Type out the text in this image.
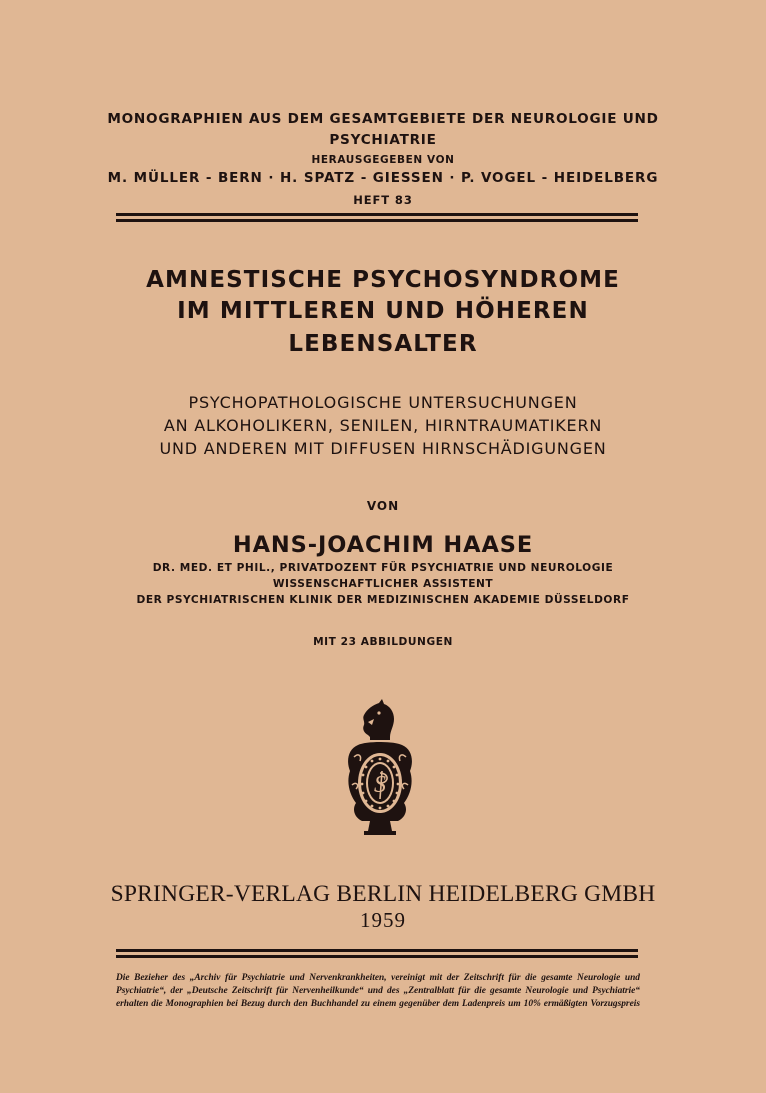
MONOGRAPHIEN AUS DEM GESAMTGEBIETE DER NEUROLOGIE UND
PSYCHIATRIE
HERAUSGEGEBEN VON
M. MÜLLER - BERN · H. SPATZ - GIESSEN · P. VOGEL - HEIDELBERG
HEFT 83
AMNESTISCHE PSYCHOSYNDROME
IM MITTLEREN UND HÖHEREN
LEBENSALTER
PSYCHOPATHOLOGISCHE UNTERSUCHUNGEN
AN ALKOHOLIKERN, SENILEN, HIRNTRAUMATIKERN
UND ANDEREN MIT DIFFUSEN HIRNSCHÄDIGUNGEN
VON
HANS-JOACHIM HAASE
DR. MED. ET PHIL., PRIVATDOZENT FÜR PSYCHIATRIE UND NEUROLOGIE
WISSENSCHAFTLICHER ASSISTENT
DER PSYCHIATRISCHEN KLINIK DER MEDIZINISCHEN AKADEMIE DÜSSELDORF
MIT 23 ABBILDUNGEN
S
SPRINGER-VERLAG BERLIN HEIDELBERG GMBH
1959
Die Bezieher des „Archiv für Psychiatrie und Nervenkrankheiten, vereinigt mit der Zeitschrift für die gesamte Neurologie und
Psychiatrie“, der „Deutsche Zeitschrift für Nervenheilkunde“ und des „Zentralblatt für die gesamte Neurologie und Psychiatrie“
erhalten die Monographien bei Bezug durch den Buchhandel zu einem gegenüber dem Ladenpreis um 10% ermäßigten Vorzugspreis
